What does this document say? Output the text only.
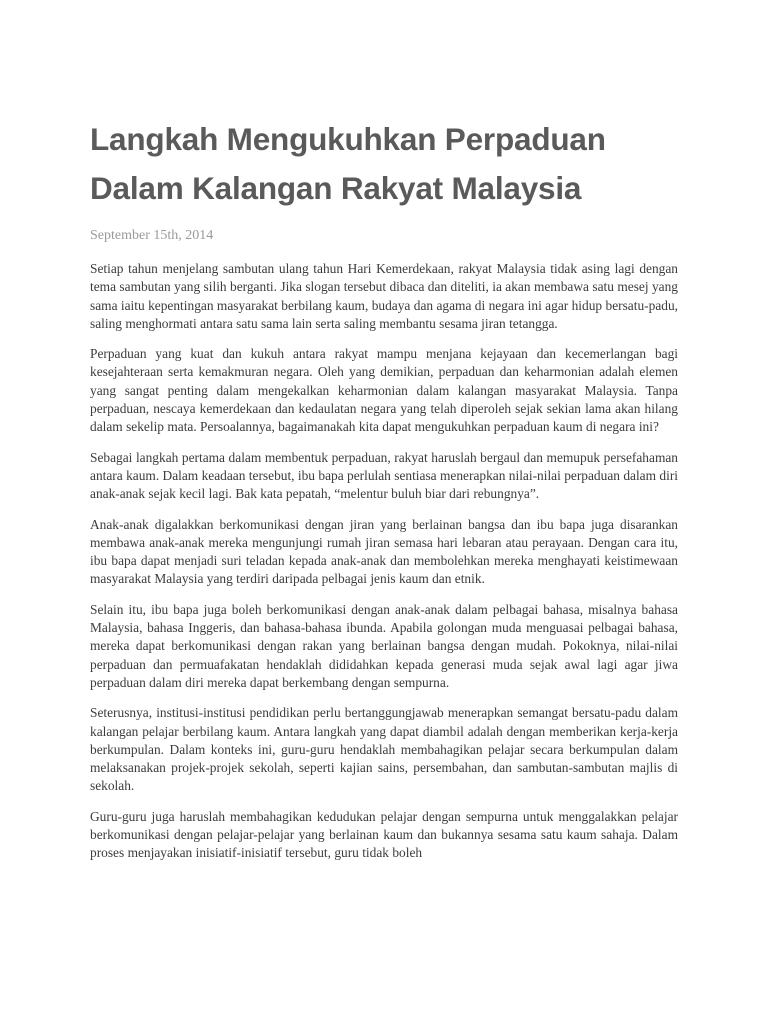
Langkah Mengukuhkan Perpaduan
Dalam Kalangan Rakyat Malaysia
September 15th, 2014

Setiap tahun menjelang sambutan ulang tahun Hari Kemerdekaan, rakyat Malaysia tidak asing lagi dengan tema sambutan yang silih berganti. Jika slogan tersebut dibaca dan diteliti, ia akan membawa satu mesej yang sama iaitu kepentingan masyarakat berbilang kaum, budaya dan agama di negara ini agar hidup bersatu-padu, saling menghormati antara satu sama lain serta saling membantu sesama jiran tetangga.

Perpaduan yang kuat dan kukuh antara rakyat mampu menjana kejayaan dan kecemerlangan bagi kesejahteraan serta kemakmuran negara. Oleh yang demikian, perpaduan dan keharmonian adalah elemen yang sangat penting dalam mengekalkan keharmonian dalam kalangan masyarakat Malaysia. Tanpa perpaduan, nescaya kemerdekaan dan kedaulatan negara yang telah diperoleh sejak sekian lama akan hilang dalam sekelip mata. Persoalannya, bagaimanakah kita dapat mengukuhkan perpaduan kaum di negara ini?

Sebagai langkah pertama dalam membentuk perpaduan, rakyat haruslah bergaul dan memupuk persefahaman antara kaum. Dalam keadaan tersebut, ibu bapa perlulah sentiasa menerapkan nilai-nilai perpaduan dalam diri anak-anak sejak kecil lagi. Bak kata pepatah, “melentur buluh biar dari rebungnya”.

Anak-anak digalakkan berkomunikasi dengan jiran yang berlainan bangsa dan ibu bapa juga disarankan membawa anak-anak mereka mengunjungi rumah jiran semasa hari lebaran atau perayaan. Dengan cara itu, ibu bapa dapat menjadi suri teladan kepada anak-anak dan membolehkan mereka menghayati keistimewaan masyarakat Malaysia yang terdiri daripada pelbagai jenis kaum dan etnik.

Selain itu, ibu bapa juga boleh berkomunikasi dengan anak-anak dalam pelbagai bahasa, misalnya bahasa Malaysia, bahasa Inggeris, dan bahasa-bahasa ibunda. Apabila golongan muda menguasai pelbagai bahasa, mereka dapat berkomunikasi dengan rakan yang berlainan bangsa dengan mudah. Pokoknya, nilai-nilai perpaduan dan permuafakatan hendaklah dididahkan kepada generasi muda sejak awal lagi agar jiwa perpaduan dalam diri mereka dapat berkembang dengan sempurna.

Seterusnya, institusi-institusi pendidikan perlu bertanggungjawab menerapkan semangat bersatu-padu dalam kalangan pelajar berbilang kaum. Antara langkah yang dapat diambil adalah dengan memberikan kerja-kerja berkumpulan. Dalam konteks ini, guru-guru hendaklah membahagikan pelajar secara berkumpulan dalam melaksanakan projek-projek sekolah, seperti kajian sains, persembahan, dan sambutan-sambutan majlis di sekolah.

Guru-guru juga haruslah membahagikan kedudukan pelajar dengan sempurna untuk menggalakkan pelajar berkomunikasi dengan pelajar-pelajar yang berlainan kaum dan bukannya sesama satu kaum sahaja. Dalam proses menjayakan inisiatif-inisiatif tersebut, guru tidak boleh
